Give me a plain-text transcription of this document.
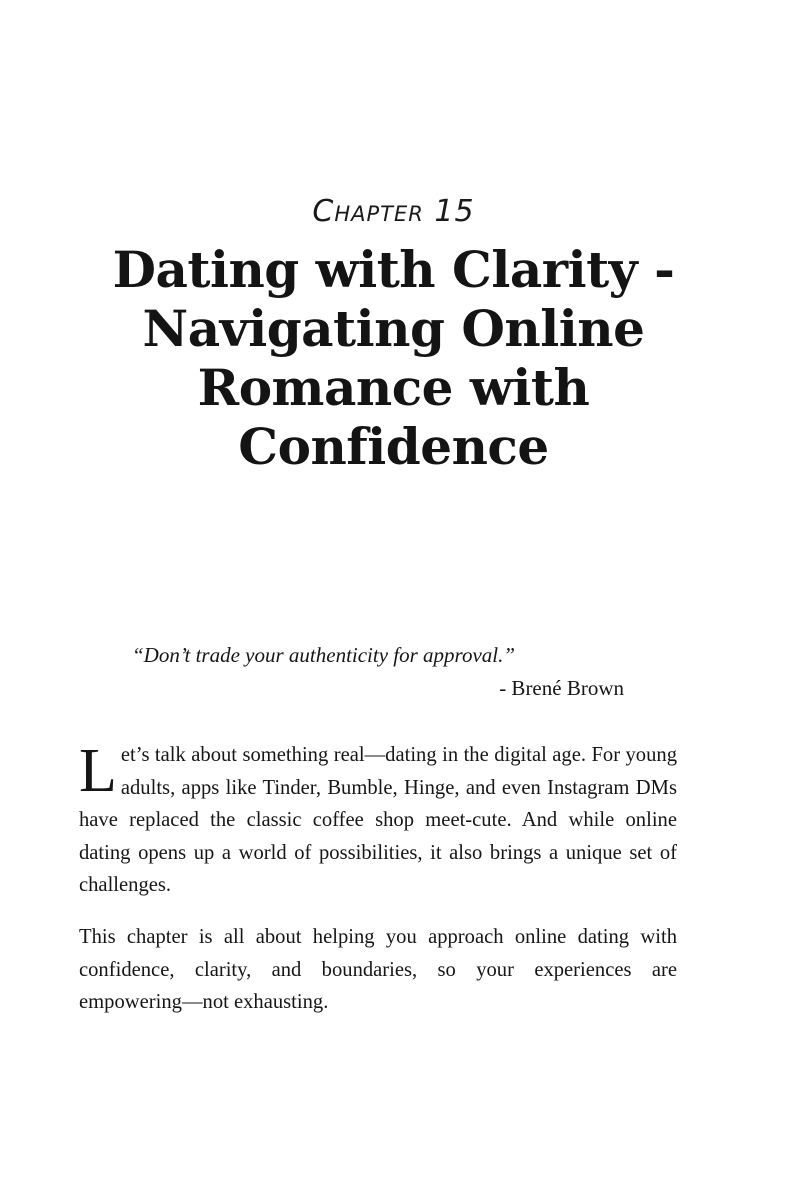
Chapter 15
Dating with Clarity - Navigating Online Romance with Confidence

“Don’t trade your authenticity for approval.”

- Brené Brown

Let’s talk about something real—dating in the digital age. For young adults, apps like Tinder, Bumble, Hinge, and even Instagram DMs have replaced the classic coffee shop meet-cute. And while online dating opens up a world of possibilities, it also brings a unique set of challenges.

This chapter is all about helping you approach online dating with confidence, clarity, and boundaries, so your experiences are empowering—not exhausting.
